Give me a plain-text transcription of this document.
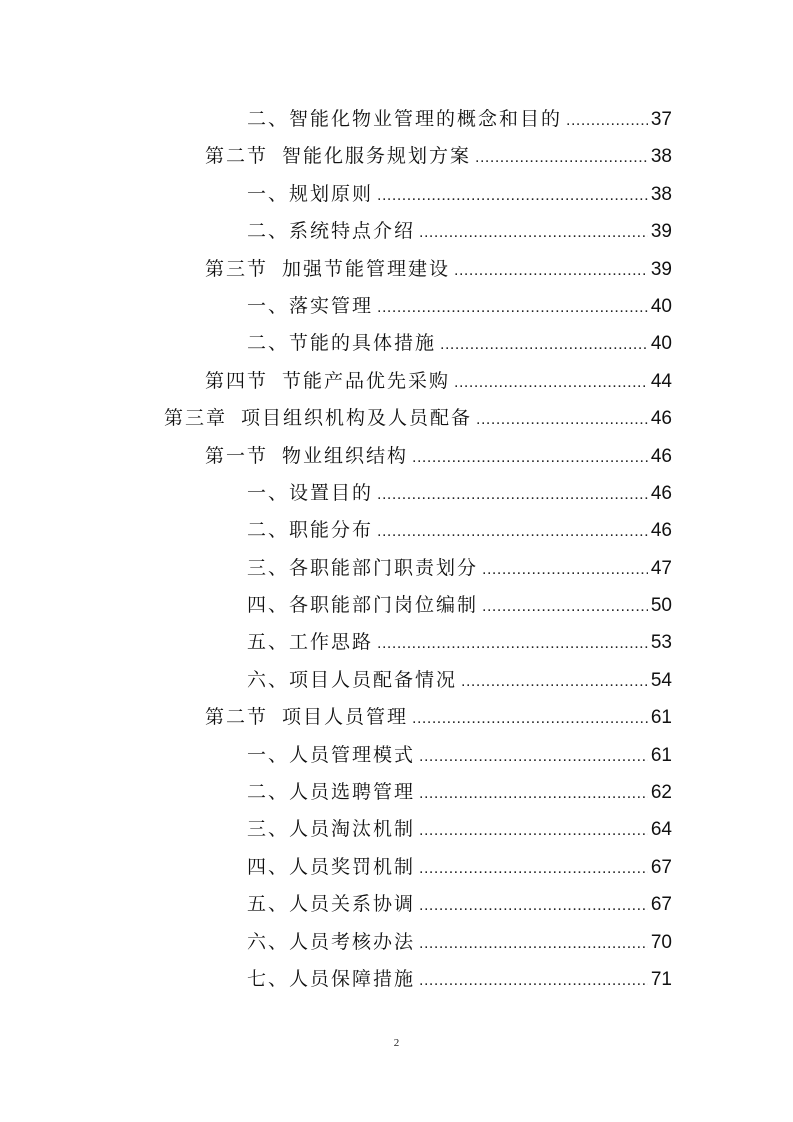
二、智能化物业管理的概念和目的 .....	37
第二节 智能化服务规划方案 .....	38
一、规划原则 .....	38
二、系统特点介绍 .....	39
第三节 加强节能管理建设 .....	39
一、落实管理 .....	40
二、节能的具体措施 .....	40
第四节 节能产品优先采购 .....	44
第三章 项目组织机构及人员配备 .....	46
第一节 物业组织结构 .....	46
一、设置目的 .....	46
二、职能分布 .....	46
三、各职能部门职责划分 .....	47
四、各职能部门岗位编制 .....	50
五、工作思路 .....	53
六、项目人员配备情况 .....	54
第二节 项目人员管理 .....	61
一、人员管理模式 .....	61
二、人员选聘管理 .....	62
三、人员淘汰机制 .....	64
四、人员奖罚机制 .....	67
五、人员关系协调 .....	67
六、人员考核办法 .....	70
七、人员保障措施 .....	71
2
